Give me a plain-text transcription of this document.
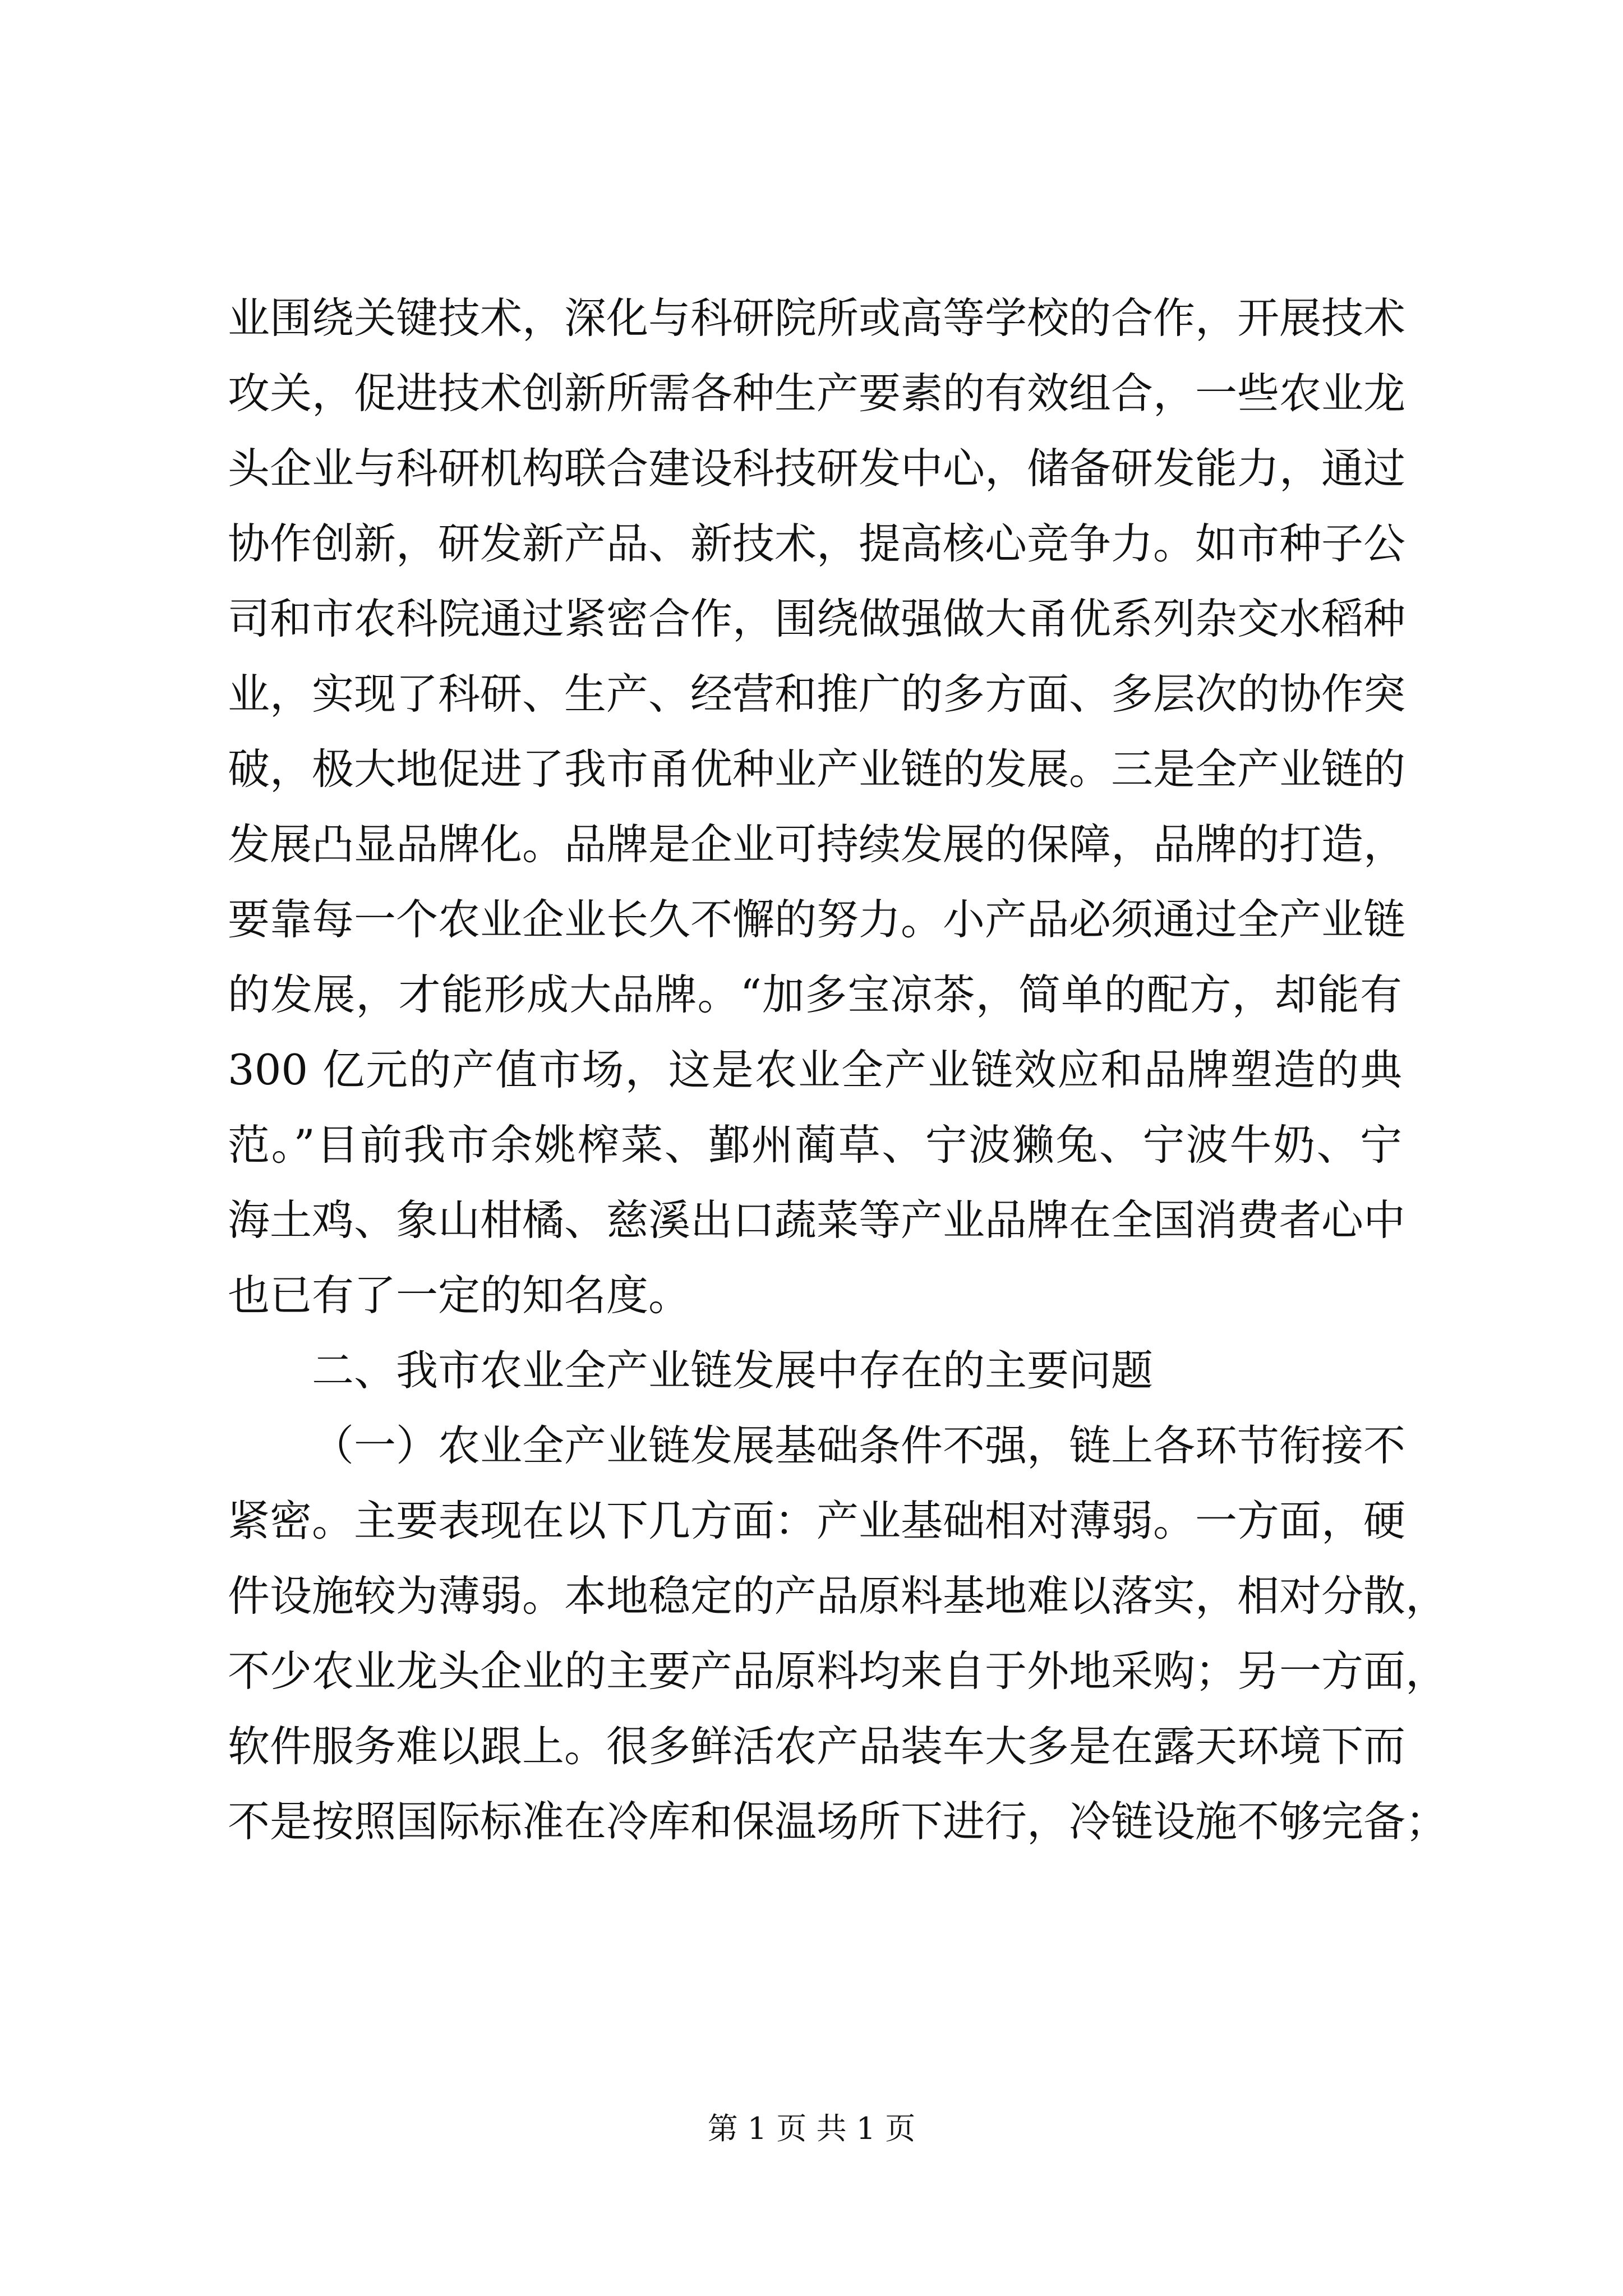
业围绕关键技术，深化与科研院所或高等学校的合作，开展技术
攻关，促进技术创新所需各种生产要素的有效组合，一些农业龙
头企业与科研机构联合建设科技研发中心，储备研发能力，通过
协作创新，研发新产品、新技术，提高核心竞争力。如市种子公
司和市农科院通过紧密合作，围绕做强做大甬优系列杂交水稻种
业，实现了科研、生产、经营和推广的多方面、多层次的协作突
破，极大地促进了我市甬优种业产业链的发展。三是全产业链的
发展凸显品牌化。品牌是企业可持续发展的保障，品牌的打造，
要靠每一个农业企业长久不懈的努力。小产品必须通过全产业链
的发展，才能形成大品牌。“加多宝凉茶，简单的配方，却能有
300 亿元的产值市场，这是农业全产业链效应和品牌塑造的典
范。”目前我市余姚榨菜、鄞州蔺草、宁波獭兔、宁波牛奶、宁
海土鸡、象山柑橘、慈溪出口蔬菜等产业品牌在全国消费者心中
也已有了一定的知名度。
二、我市农业全产业链发展中存在的主要问题
（一）农业全产业链发展基础条件不强，链上各环节衔接不
紧密。主要表现在以下几方面：产业基础相对薄弱。一方面，硬
件设施较为薄弱。本地稳定的产品原料基地难以落实，相对分散，
不少农业龙头企业的主要产品原料均来自于外地采购；另一方面，
软件服务难以跟上。很多鲜活农产品装车大多是在露天环境下而
不是按照国际标准在冷库和保温场所下进行，冷链设施不够完备；
第 1 页 共 1 页
